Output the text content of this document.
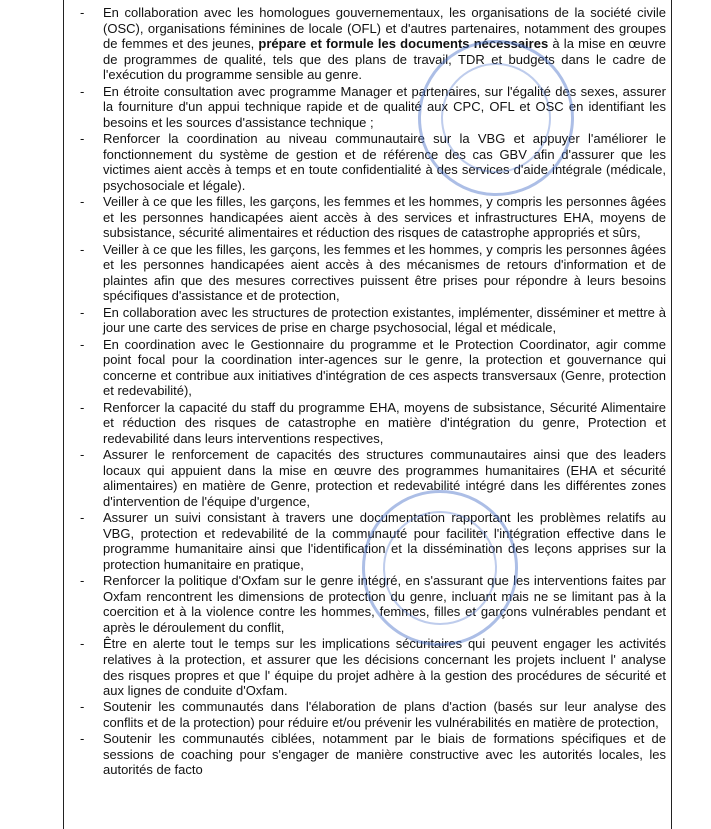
- En collaboration avec les homologues gouvernementaux, les organisations de la société civile (OSC), organisations féminines de locale (OFL) et d'autres partenaires, notamment des groupes de femmes et des jeunes, prépare et formule les documents nécessaires à la mise en œuvre de programmes de qualité, tels que des plans de travail, TDR et budgets dans le cadre de l'exécution du programme sensible au genre.
- En étroite consultation avec programme Manager et partenaires, sur l'égalité des sexes, assurer la fourniture d'un appui technique rapide et de qualité aux CPC, OFL et OSC en identifiant les besoins et les sources d'assistance technique ;
- Renforcer la coordination au niveau communautaire sur la VBG et appuyer l'améliorer le fonctionnement du système de gestion et de référence des cas GBV afin d'assurer que les victimes aient accès à temps et en toute confidentialité à des services d'aide intégrale (médicale, psychosociale et légale).
- Veiller à ce que les filles, les garçons, les femmes et les hommes, y compris les personnes âgées et les personnes handicapées aient accès à des services et infrastructures EHA, moyens de subsistance, sécurité alimentaires et réduction des risques de catastrophe appropriés et sûrs,
- Veiller à ce que les filles, les garçons, les femmes et les hommes, y compris les personnes âgées et les personnes handicapées aient accès à des mécanismes de retours d'information et de plaintes afin que des mesures correctives puissent être prises pour répondre à leurs besoins spécifiques d'assistance et de protection,
- En collaboration avec les structures de protection existantes, implémenter, disséminer et mettre à jour une carte des services de prise en charge psychosocial, légal et médicale,
- En coordination avec le Gestionnaire du programme et le Protection Coordinator, agir comme point focal pour la coordination inter-agences sur le genre, la protection et gouvernance qui concerne et contribue aux initiatives d'intégration de ces aspects transversaux (Genre, protection et redevabilité),
- Renforcer la capacité du staff du programme EHA, moyens de subsistance, Sécurité Alimentaire et réduction des risques de catastrophe en matière d'intégration du genre, Protection et redevabilité dans leurs interventions respectives,
- Assurer le renforcement de capacités des structures communautaires ainsi que des leaders locaux qui appuient dans la mise en œuvre des programmes humanitaires (EHA et sécurité alimentaires) en matière de Genre, protection et redevabilité intégré dans les différentes zones d'intervention de l'équipe d'urgence,
- Assurer un suivi consistant à travers une documentation rapportant les problèmes relatifs au VBG, protection et redevabilité de la communauté pour faciliter l'intégration effective dans le programme humanitaire ainsi que l'identification et la dissémination des leçons apprises sur la protection humanitaire en pratique,
- Renforcer la politique d'Oxfam sur le genre intégré, en s'assurant que les interventions faites par Oxfam rencontrent les dimensions de protection du genre, incluant mais ne se limitant pas à la coercition et à la violence contre les hommes, femmes, filles et garçons vulnérables pendant et après le déroulement du conflit,
- Être en alerte tout le temps sur les implications sécuritaires qui peuvent engager les activités relatives à la protection, et assurer que les décisions concernant les projets incluent l' analyse des risques propres et que l' équipe du projet adhère à la gestion des procédures de sécurité et aux lignes de conduite d'Oxfam.
- Soutenir les communautés dans l'élaboration de plans d'action (basés sur leur analyse des conflits et de la protection) pour réduire et/ou prévenir les vulnérabilités en matière de protection,
- Soutenir les communautés ciblées, notamment par le biais de formations spécifiques et de sessions de coaching pour s'engager de manière constructive avec les autorités locales, les autorités de facto
